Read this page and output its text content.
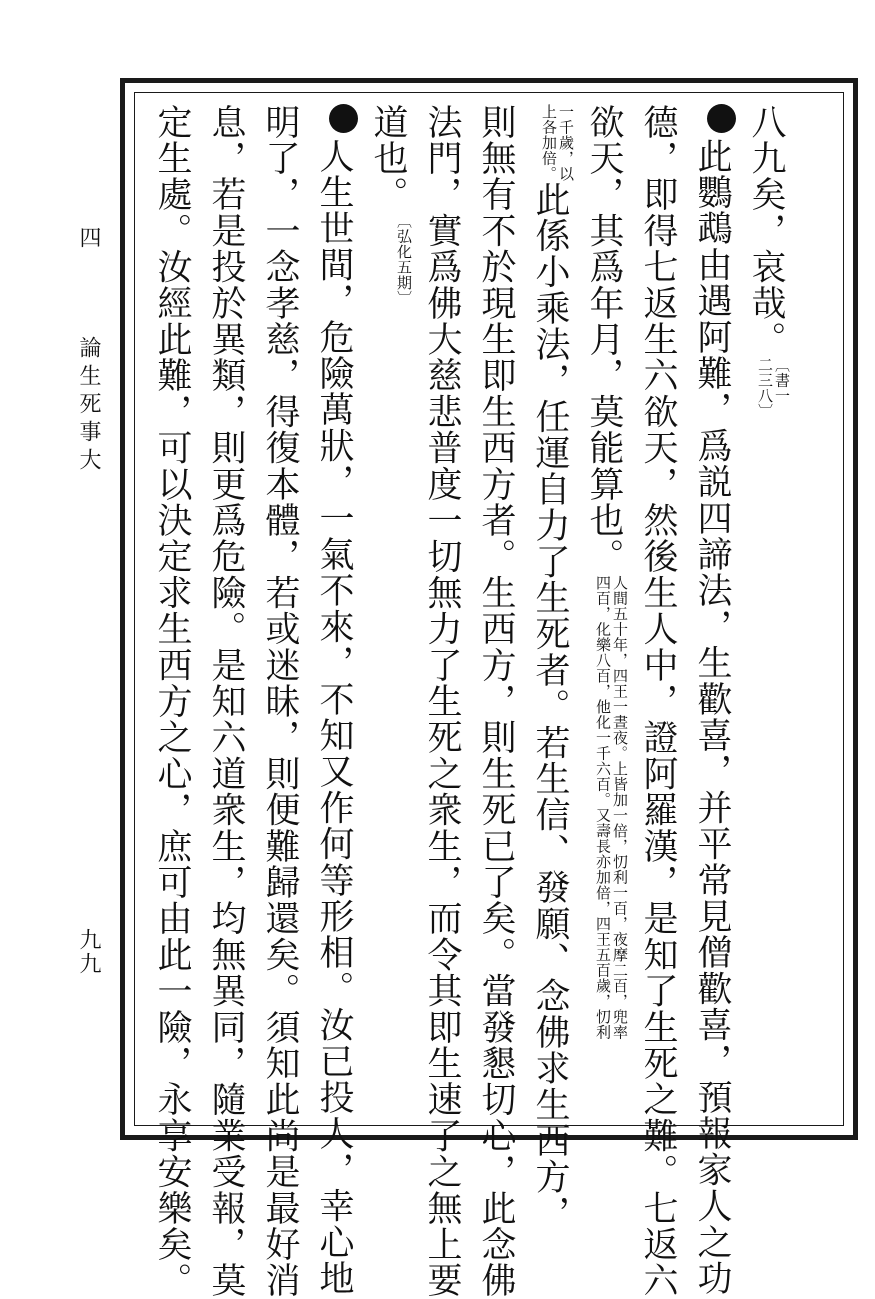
四  論生死事大
九九
八九矣，哀哉。
〔書一
二三八〕
此鸚鵡由遇阿難，爲説四諦法，生歡喜，并平常見僧歡喜，預報家人之功
德，即得七返生六欲天，然後生人中，證阿羅漢，是知了生死之難。七返六
欲天，其爲年月，莫能算也。
人間五十年，四王一晝夜。上皆加一倍，忉利一百，夜摩二百，兜率
四百，化樂八百，他化一千六百。又壽長亦加倍，四王五百歲，忉利
一千歲，以
上各加倍。
此係小乘法，任運自力了生死者。若生信、發願、念佛求生西方，
則無有不於現生即生西方者。生西方，則生死已了矣。當發懇切心，此念佛
法門，實爲佛大慈悲普度一切無力了生死之衆生，而令其即生速了之無上要
道也。
〔弘化五期〕
人生世間，危險萬狀，一氣不來，不知又作何等形相。汝已投人，幸心地
明了，一念孝慈，得復本體，若或迷昧，則便難歸還矣。須知此尚是最好消
息，若是投於異類，則更爲危險。是知六道衆生，均無異同，隨業受報，莫
定生處。汝經此難，可以決定求生西方之心，庶可由此一險，永享安樂矣。
